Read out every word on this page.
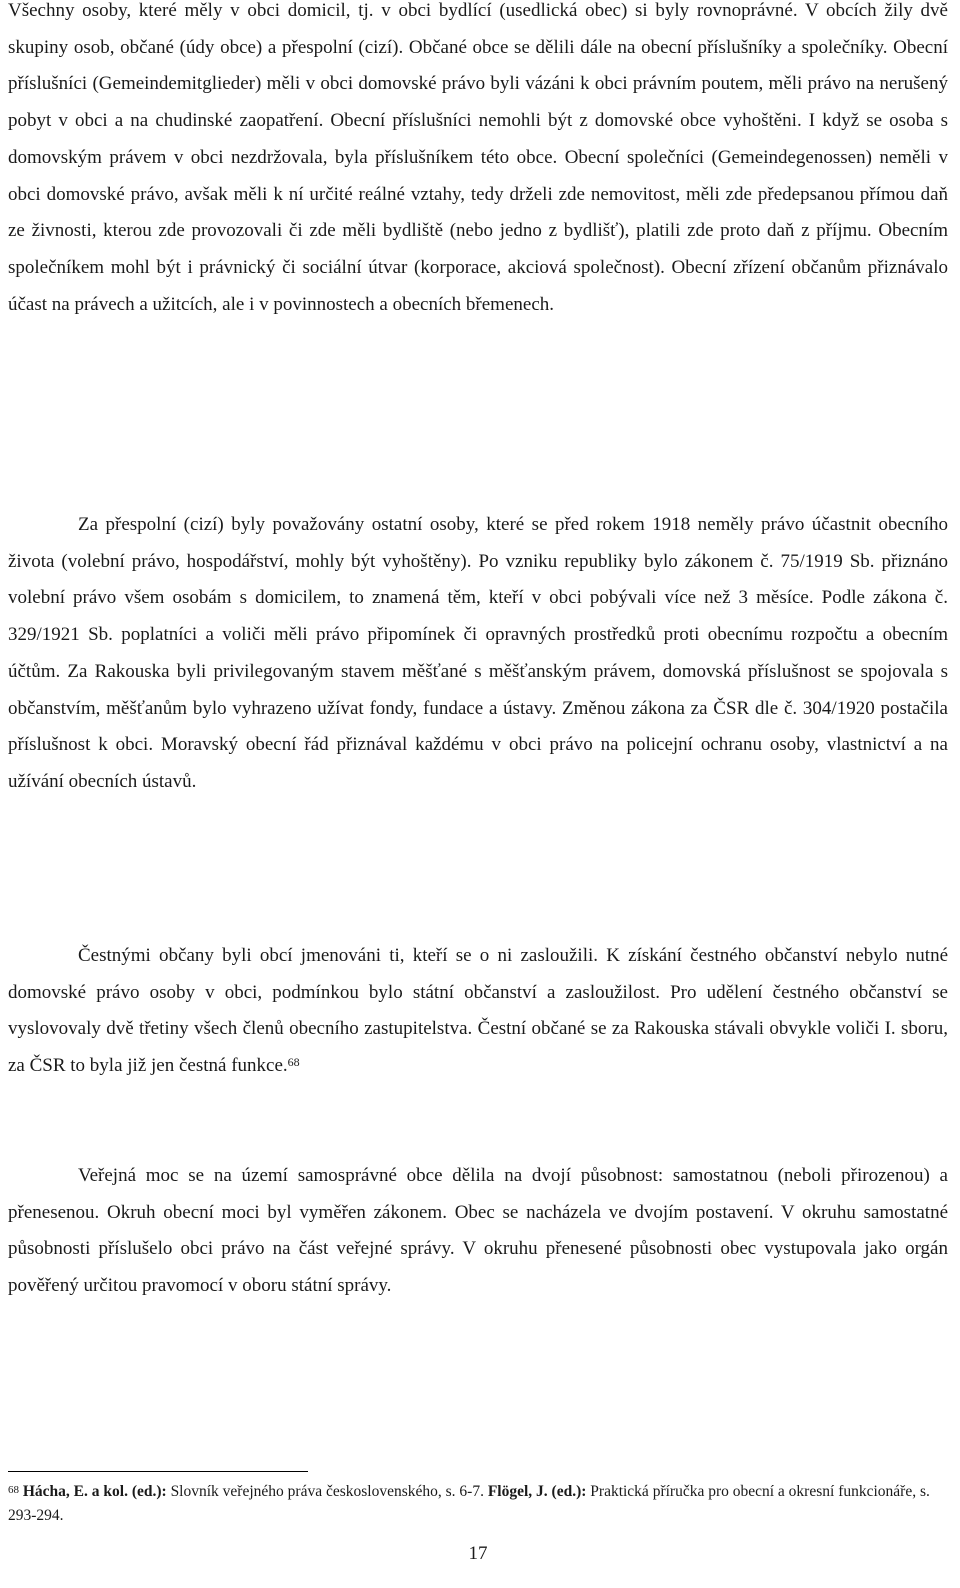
Všechny osoby, které měly v obci domicil, tj. v obci bydlící (usedlická obec) si byly rovnoprávné. V obcích žily dvě skupiny osob, občané (údy obce) a přespolní (cizí). Občané obce se dělili dále na obecní příslušníky a společníky. Obecní příslušníci (Gemeindemitglieder) měli v obci domovské právo byli vázáni k obci právním poutem, měli právo na nerušený pobyt v obci a na chudinské zaopatření. Obecní příslušníci nemohli být z domovské obce vyhoštěni. I když se osoba s domovským právem v obci nezdržovala, byla příslušníkem této obce. Obecní společníci (Gemeindegenossen) neměli v obci domovské právo, avšak měli k ní určité reálné vztahy, tedy drželi zde nemovitost, měli zde předepsanou přímou daň ze živnosti, kterou zde provozovali či zde měli bydliště (nebo jedno z bydlišť), platili zde proto daň z příjmu. Obecním společníkem mohl být i právnický či sociální útvar (korporace, akciová společnost). Obecní zřízení občanům přiznávalo účast na právech a užitcích, ale i v povinnostech a obecních břemenech.

Za přespolní (cizí) byly považovány ostatní osoby, které se před rokem 1918 neměly právo účastnit obecního života (volební právo, hospodářství, mohly být vyhoštěny). Po vzniku republiky bylo zákonem č. 75/1919 Sb. přiznáno volební právo všem osobám s domicilem, to znamená těm, kteří v obci pobývali více než 3 měsíce. Podle zákona č. 329/1921 Sb. poplatníci a voliči měli právo připomínek či opravných prostředků proti obecnímu rozpočtu a obecním účtům. Za Rakouska byli privilegovaným stavem měšťané s měšťanským právem, domovská příslušnost se spojovala s občanstvím, měšťanům bylo vyhrazeno užívat fondy, fundace a ústavy. Změnou zákona za ČSR dle č. 304/1920 postačila příslušnost k obci. Moravský obecní řád přiznával každému v obci právo na policejní ochranu osoby, vlastnictví a na užívání obecních ústavů.

Čestnými občany byli obcí jmenováni ti, kteří se o ni zasloužili. K získání čestného občanství nebylo nutné domovské právo osoby v obci, podmínkou bylo státní občanství a zasloužilost. Pro udělení čestného občanství se vyslovovaly dvě třetiny všech členů obecního zastupitelstva. Čestní občané se za Rakouska stávali obvykle voliči I. sboru, za ČSR to byla již jen čestná funkce.$^{68}$

Veřejná moc se na území samosprávné obce dělila na dvojí působnost: samostatnou (neboli přirozenou) a přenesenou. Okruh obecní moci byl vyměřen zákonem. Obec se nacházela ve dvojím postavení. V okruhu samostatné působnosti příslušelo obci právo na část veřejné správy. V okruhu přenesené působnosti obec vystupovala jako orgán pověřený určitou pravomocí v oboru státní správy.

$^{68}$ Hácha, E. a kol. (ed.): Slovník veřejného práva československého, s. 6-7. Flögel, J. (ed.): Praktická příručka pro obecní a okresní funkcionáře, s. 293-294.

17
